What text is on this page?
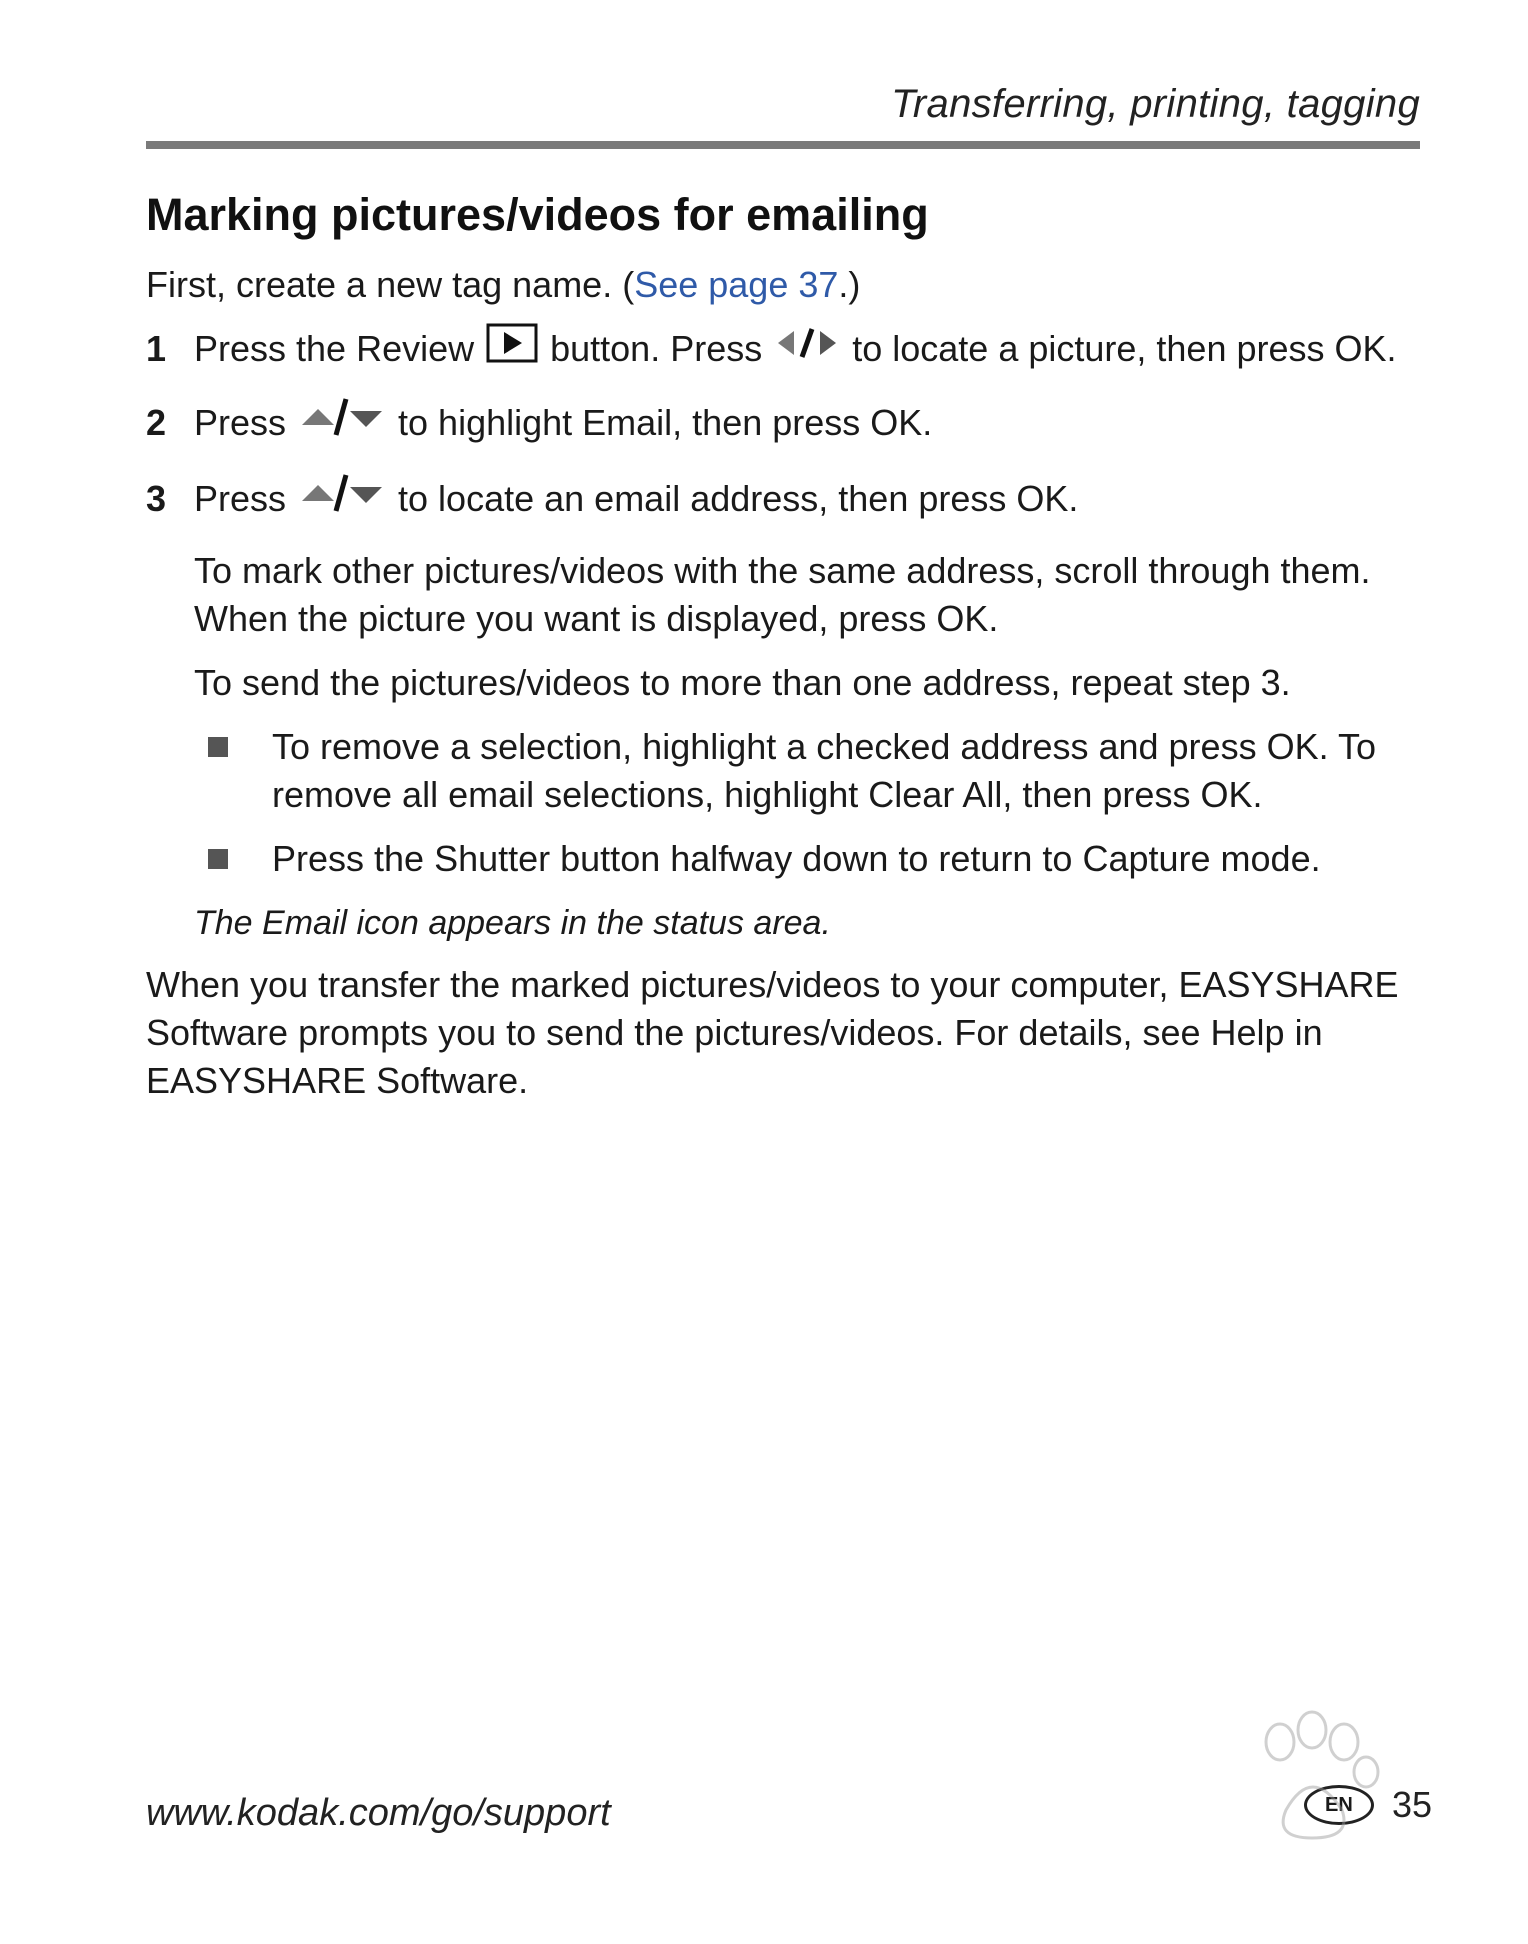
Transferring, printing, tagging
Marking pictures/videos for emailing

First, create a new tag name. (See page 37.)

1 Press the Review button. Press	to locate a picture, then press OK.
2 Press	to highlight Email, then press OK.
3 Press	to locate an email address, then press OK.

To mark other pictures/videos with the same address, scroll through them. When the picture you want is displayed, press OK.

To send the pictures/videos to more than one address, repeat step 3.

To remove a selection, highlight a checked address and press OK. To remove all email selections, highlight Clear All, then press OK.
Press the Shutter button halfway down to return to Capture mode.

The Email icon appears in the status area.

When you transfer the marked pictures/videos to your computer, EASYSHARE Software prompts you to send the pictures/videos. For details, see Help in EASYSHARE Software.

www.kodak.com/go/support	EN	35
